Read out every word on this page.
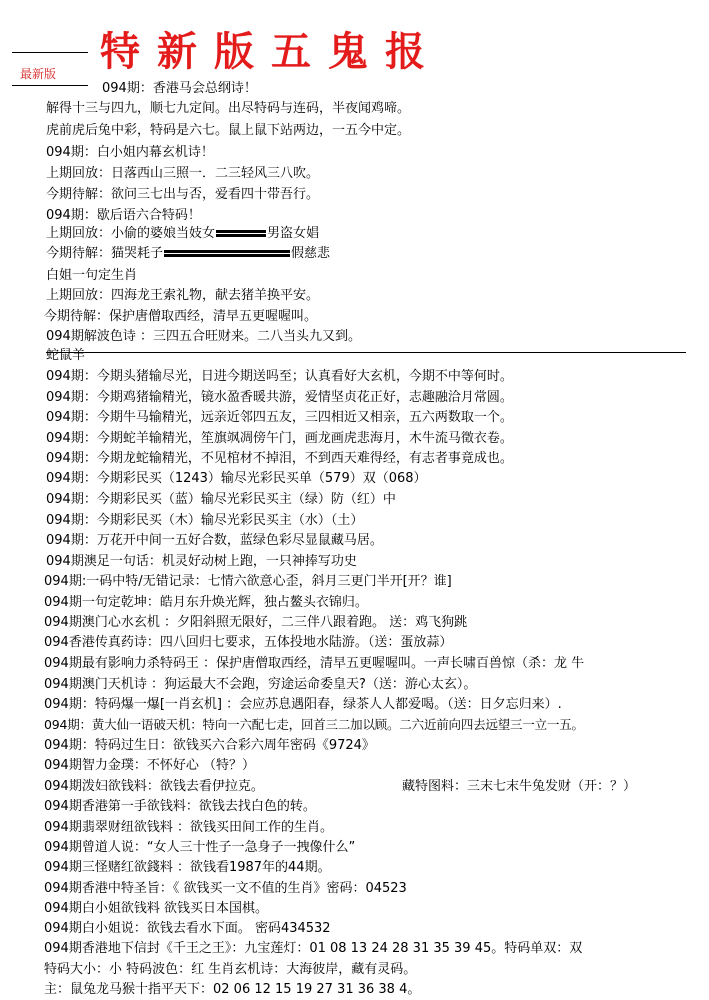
最新版 特新版五鬼报
094期：香港马会总纲诗！
解得十三与四九，顺七九定间。出尽特码与连码，半夜闻鸡啼。
虎前虎后兔中彩，特码是六七。鼠上鼠下站两边，一五今中定。
094期：白小姐内幕玄机诗！
上期回放：日落西山三照一．二三轻风三八吹。
今期待解：欲问三七出与否，爱看四十带吾行。
094期：歇后语六合特码！
上期回放：小偷的婆娘当妓女	男盗女娼
今期待解：猫哭耗子	假慈悲
白姐一句定生肖
上期回放：四海龙王索礼物，献去猪羊换平安。
今期待解：保护唐僧取西经，清早五更喔喔叫。
094期解波色诗 ：三四五合旺财来。二八当头九又到。
蛇鼠羊
094期：今期头猪输尽光，日进今期送吗至；认真看好大玄机，今期不中等何时。
094期：今期鸡猪输精光，镜水盈香暖共游，爱情坚贞花正好，志趣融洽月常圆。
094期：今期牛马输精光，远亲近邻四五友，三四相近又相亲，五六两数取一个。
094期：今期蛇羊输精光，笙旗飒凋傍午门，画龙画虎悲海月，木牛流马徵衣卷。
094期：今期龙蛇输精光，不见棺材不掉泪，不到西天难得经，有志者事竟成也。
094期：今期彩民买（1243）输尽光彩民买单（579）双（068）
094期：今期彩民买（蓝）输尽光彩民买主（绿）防（红）中
094期：今期彩民买（木）输尽光彩民买主（水）（土）
094期：万花开中间一五好合数，蓝绿色彩尽显鼠藏马居。
094期澳足一句话：机灵好动树上跑，一只神捧写功史
094期:一码中特/无错记录：七情六欲意心歪，斜月三更门半开[开？谁]
094期一句定乾坤：皓月东升焕光辉，独占鳌头衣锦归。
094期澳门心水玄机 ：夕阳斜照无限好，二三伴八跟着跑。 送：鸡飞狗跳
094香港传真药诗：四八回归七要求，五体投地水陆游。（送：蛋放蒜）
094期最有影响力杀特码王 ：保护唐僧取西经，清早五更喔喔叫。一声长啸百兽惊（杀：龙 牛
094期澳门天机诗 ：狗运最大不会跑，穷途运命委皇天?（送：游心太玄）。
094期：特码爆一爆[一肖玄机] ：会应苏息遇阳春，绿茶人人都爱喝。（送：日夕忘归来）.
094期：黄大仙一语破天机：特向一六配七走，回首三二加以顾。二六近前向四去远望三一立一五。
094期：特码过生日：欲钱买六合彩六周年密码《9724》
094期智力金璞：不怀好心 （特？）
094期泼妇欲钱料：欲钱去看伊拉克。	藏特图料：三末七末牛兔发财（开：？）
094期香港第一手欲钱料：欲钱去找白色的转。
094期翡翠财纽欲钱料 ：欲钱买田间工作的生肖。
094期曾道人说：“女人三十性子一急身子一拽像什么”
094期三怪赌红欲錢料 ：欲钱看1987年的44期。
094期香港中特圣旨：《 欲钱买一文不值的生肖》密码：04523
094期白小姐欲钱料 欲钱买日本国棋。
094期白小姐说：欲钱去看水下面。 密码434532
094期香港地下信封《千王之王》：九宝莲灯：01 08 13 24 28 31 35 39 45。特码单双：双
特码大小：小 特码波色：红 生肖玄机诗：大海彼岸，藏有灵码。
主：鼠兔龙马猴十指平天下：02 06 12 15 19 27 31 36 38 4。
